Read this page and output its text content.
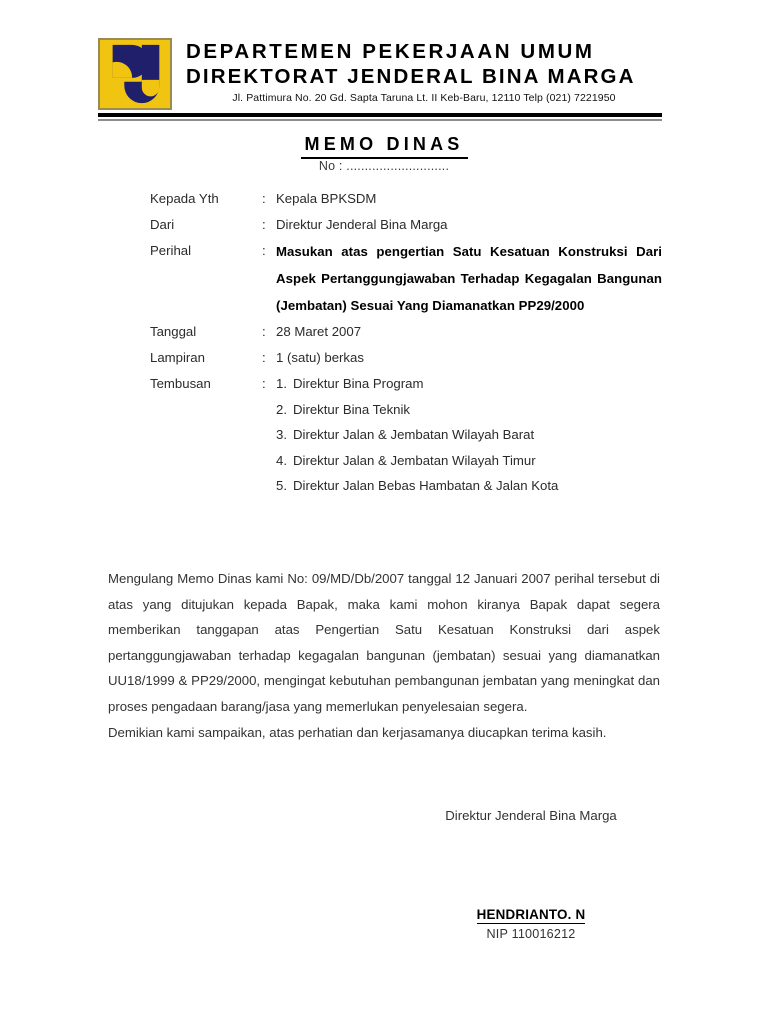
DEPARTEMEN PEKERJAAN UMUM
DIREKTORAT JENDERAL BINA MARGA
Jl. Pattimura No. 20 Gd. Sapta Taruna Lt. II Keb-Baru, 12110 Telp (021) 7221950
MEMO DINAS
No : ............................
Kepada Yth	: Kepala BPKSDM
Dari	: Direktur Jenderal Bina Marga
Perihal	: Masukan atas pengertian Satu Kesatuan Konstruksi Dari Aspek Pertanggungjawaban Terhadap Kegagalan Bangunan (Jembatan) Sesuai Yang Diamanatkan PP29/2000
Tanggal	: 28 Maret 2007
Lampiran	: 1 (satu) berkas
Tembusan	: 1. Direktur Bina Program
2. Direktur Bina Teknik
3. Direktur Jalan & Jembatan Wilayah Barat
4. Direktur Jalan & Jembatan Wilayah Timur
5. Direktur Jalan Bebas Hambatan & Jalan Kota

Mengulang Memo Dinas kami No: 09/MD/Db/2007 tanggal 12 Januari 2007 perihal tersebut di atas yang ditujukan kepada Bapak, maka kami mohon kiranya Bapak dapat segera memberikan tanggapan atas Pengertian Satu Kesatuan Konstruksi dari aspek pertanggungjawaban terhadap kegagalan bangunan (jembatan) sesuai yang diamanatkan UU18/1999 & PP29/2000, mengingat kebutuhan pembangunan jembatan yang meningkat dan proses pengadaan barang/jasa yang memerlukan penyelesaian segera.

Demikian kami sampaikan, atas perhatian dan kerjasamanya diucapkan terima kasih.

Direktur Jenderal Bina Marga
HENDRIANTO. N
NIP 110016212
